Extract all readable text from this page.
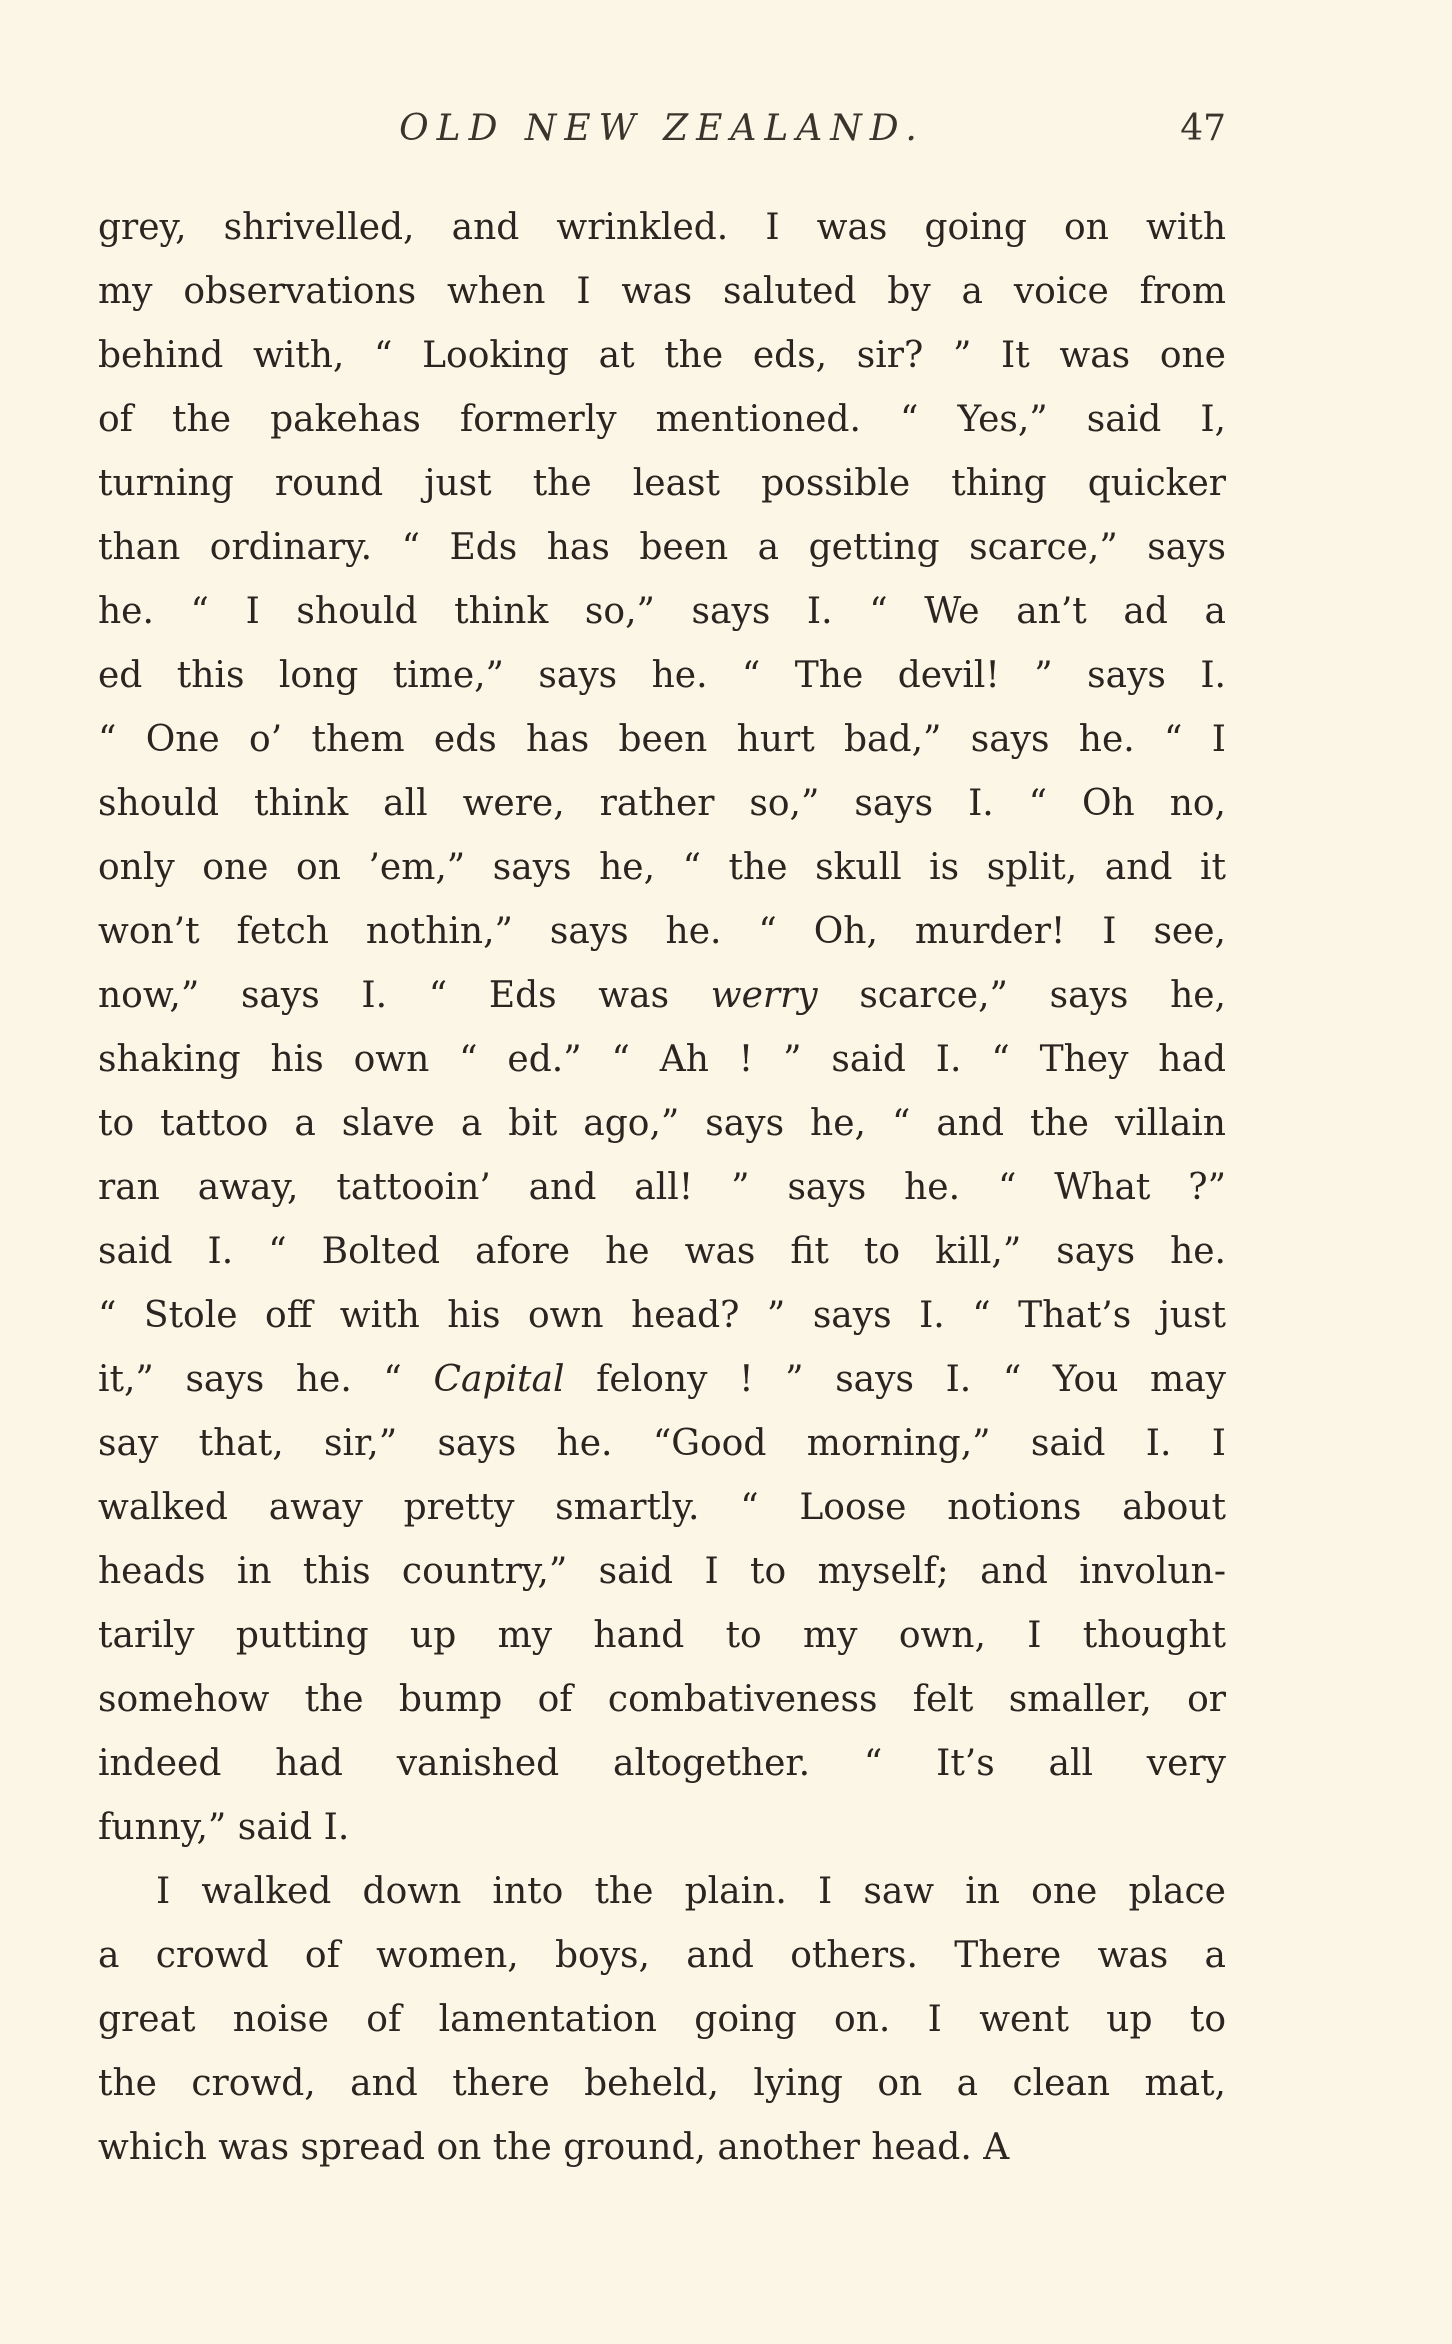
OLD NEW ZEALAND.	47
grey, shrivelled, and wrinkled. I was going on with
my observations when I was saluted by a voice from
behind with, “ Looking at the eds, sir? ” It was one
of the pakehas formerly mentioned. “ Yes,” said I,
turning round just the least possible thing quicker
than ordinary. “ Eds has been a getting scarce,” says
he. “ I should think so,” says I. “ We an’t ad a
ed this long time,” says he. “ The devil! ” says I.
“ One o’ them eds has been hurt bad,” says he. “ I
should think all were, rather so,” says I. “ Oh no,
only one on ’em,” says he, “ the skull is split, and it
won’t fetch nothin,” says he. “ Oh, murder! I see,
now,” says I. “ Eds was werry scarce,” says he,
shaking his own “ ed.” “ Ah ! ” said I. “ They had
to tattoo a slave a bit ago,” says he, “ and the villain
ran away, tattooin’ and all! ” says he. “ What ?”
said I. “ Bolted afore he was fit to kill,” says he.
“ Stole off with his own head? ” says I. “ That’s just
it,” says he. “ Capital felony ! ” says I. “ You may
say that, sir,” says he. “Good morning,” said I. I
walked away pretty smartly. “ Loose notions about
heads in this country,” said I to myself; and involun-
tarily putting up my hand to my own, I thought
somehow the bump of combativeness felt smaller, or
indeed had vanished altogether. “ It’s all very
funny,” said I.
I walked down into the plain. I saw in one place
a crowd of women, boys, and others. There was a
great noise of lamentation going on. I went up to
the crowd, and there beheld, lying on a clean mat,
which was spread on the ground, another head. A
